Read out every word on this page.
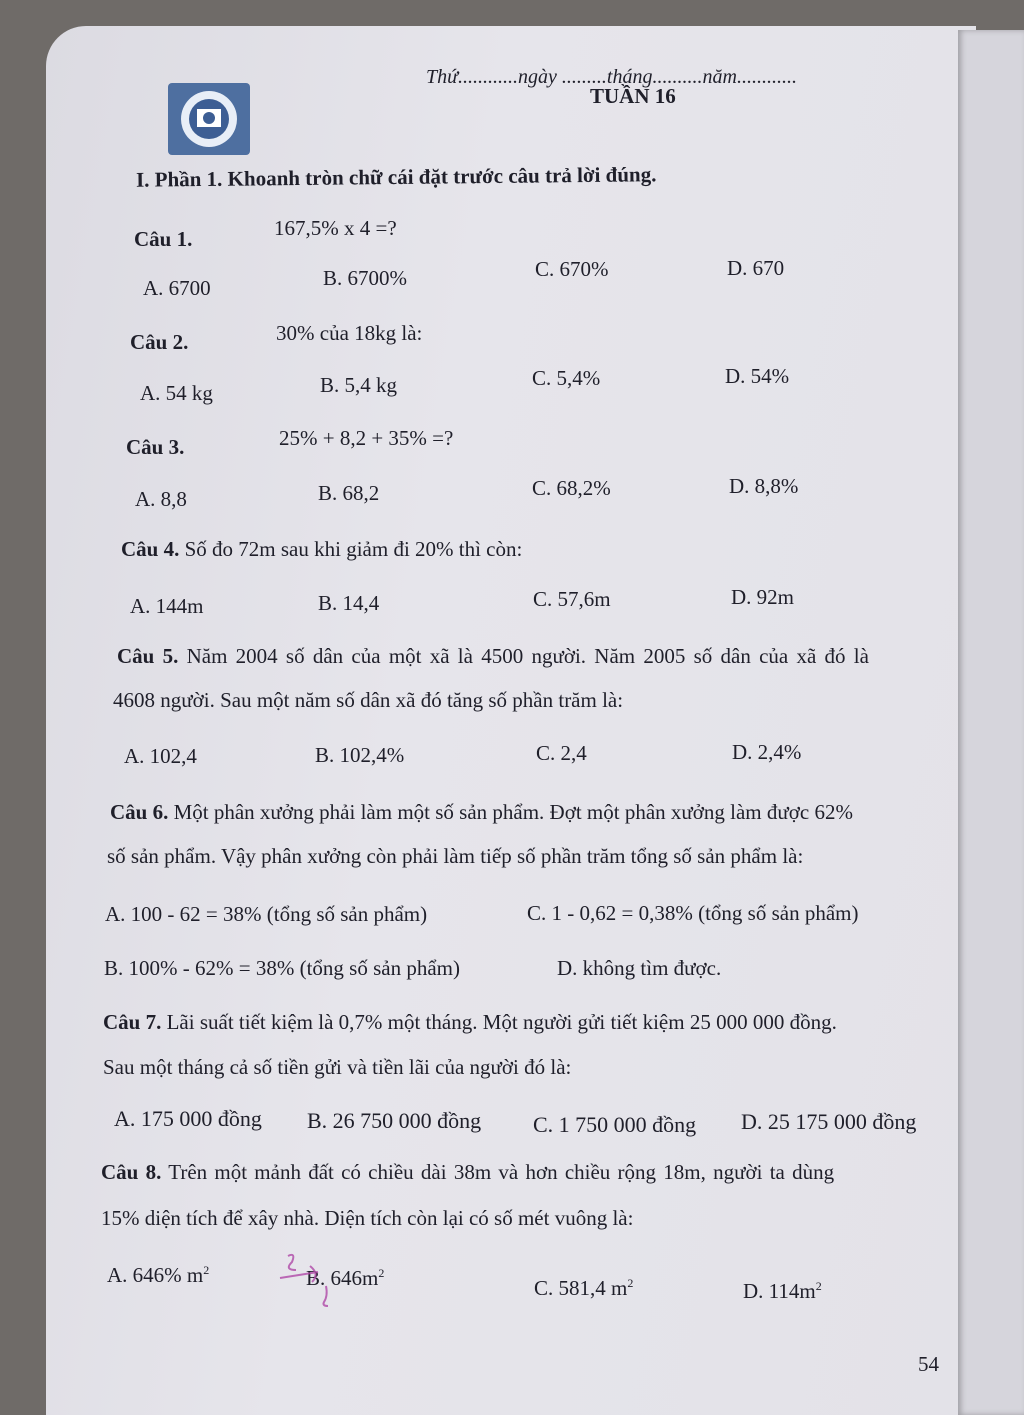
Thứ............ngày .........tháng..........năm............
TUẦN 16
I. Phần 1. Khoanh tròn chữ cái đặt trước câu trả lời đúng.
Câu 1.	167,5% x 4 =?
A. 6700	B. 6700%	C. 670%	D. 670
Câu 2.	30% của 18kg là:
A. 54 kg	B. 5,4 kg	C. 5,4%	D. 54%
Câu 3.	25% + 8,2 + 35% =?
A. 8,8	B. 68,2	C. 68,2%	D. 8,8%
Câu 4. Số đo 72m sau khi giảm đi 20% thì còn:
A. 144m	B. 14,4	C. 57,6m	D. 92m
Câu 5. Năm 2004 số dân của một xã là 4500 người. Năm 2005 số dân của xã đó là
4608 người. Sau một năm số dân xã đó tăng số phần trăm là:
A. 102,4	B. 102,4%	C. 2,4	D. 2,4%
Câu 6. Một phân xưởng phải làm một số sản phẩm. Đợt một phân xưởng làm được 62%
số sản phẩm. Vậy phân xưởng còn phải làm tiếp số phần trăm tổng số sản phẩm là:
A. 100 - 62 = 38% (tổng số sản phẩm)	C. 1 - 0,62 = 0,38% (tổng số sản phẩm)
B. 100% - 62% = 38% (tổng số sản phẩm)	D. không tìm được.
Câu 7. Lãi suất tiết kiệm là 0,7% một tháng. Một người gửi tiết kiệm 25 000 000 đồng.
Sau một tháng cả số tiền gửi và tiền lãi của người đó là:
A. 175 000 đồng B. 26 750 000 đồng C. 1 750 000 đồng D. 25 175 000 đồng
Câu 8. Trên một mảnh đất có chiều dài 38m và hơn chiều rộng 18m, người ta dùng
15% diện tích để xây nhà. Diện tích còn lại có số mét vuông là:
A. 646% $m^2$	B. $646m^2$
C. 581,4 $m^2$	D. $114m^2$
54
